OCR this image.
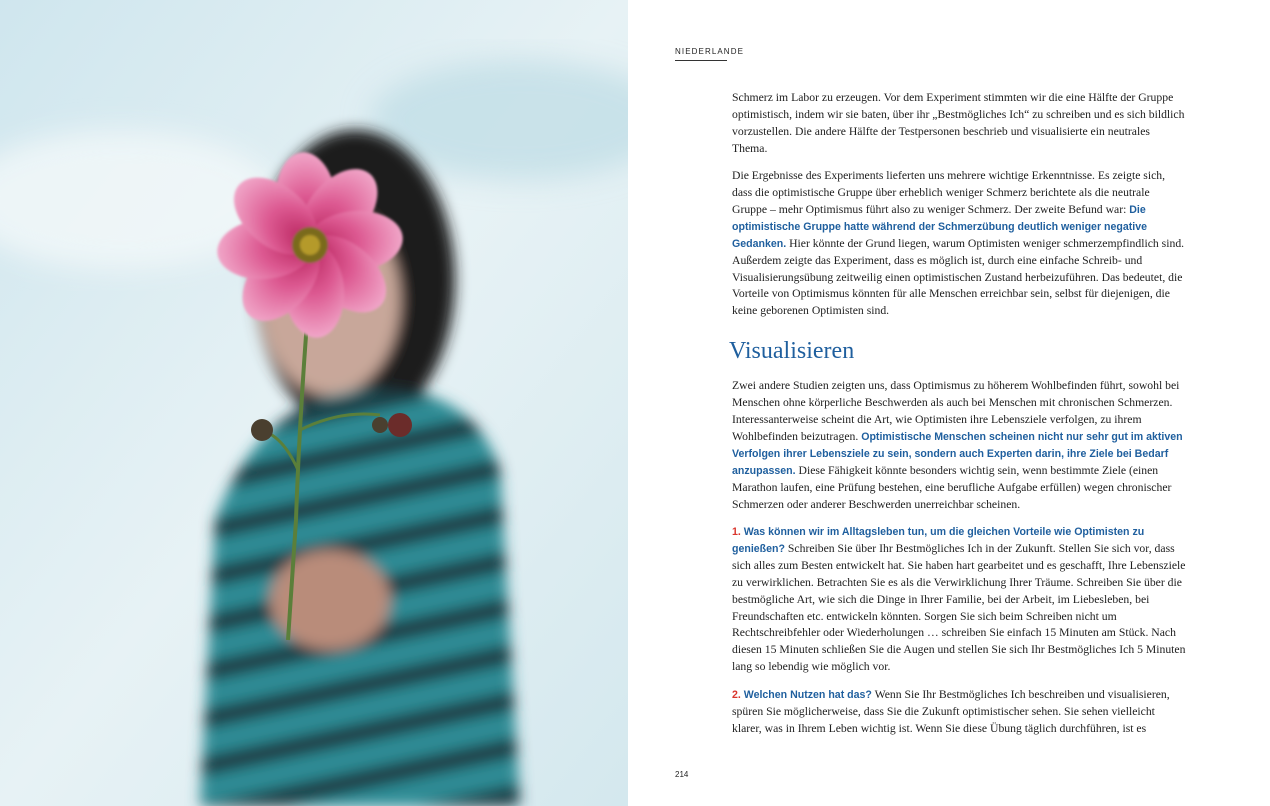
NIEDERLANDE

Schmerz im Labor zu erzeugen. Vor dem Experiment stimmten wir die eine Hälfte der Gruppe optimistisch, indem wir sie baten, über ihr „Bestmögliches Ich“ zu schreiben und es sich bildlich vorzustellen. Die andere Hälfte der Testpersonen beschrieb und visualisierte ein neutrales Thema.

Die Ergebnisse des Experiments lieferten uns mehrere wichtige Erkenntnisse. Es zeigte sich, dass die optimistische Gruppe über erheblich weniger Schmerz berichtete als die neutrale Gruppe – mehr Optimismus führt also zu weniger Schmerz. Der zweite Befund war: Die optimistische Gruppe hatte während der Schmerzübung deutlich weniger negative Gedanken. Hier könnte der Grund liegen, warum Optimisten weniger schmerzempfindlich sind. Außerdem zeigte das Experiment, dass es möglich ist, durch eine einfache Schreib- und Visualisierungsübung zeitweilig einen optimistischen Zustand herbeizuführen. Das bedeutet, die Vorteile von Optimismus könnten für alle Menschen erreichbar sein, selbst für diejenigen, die keine geborenen Optimisten sind.

Visualisieren

Zwei andere Studien zeigten uns, dass Optimismus zu höherem Wohlbefinden führt, sowohl bei Menschen ohne körperliche Beschwerden als auch bei Menschen mit chronischen Schmerzen. Interessanterweise scheint die Art, wie Optimisten ihre Lebensziele verfolgen, zu ihrem Wohlbefinden beizutragen. Optimistische Menschen scheinen nicht nur sehr gut im aktiven Verfolgen ihrer Lebensziele zu sein, sondern auch Experten darin, ihre Ziele bei Bedarf anzupassen. Diese Fähigkeit könnte besonders wichtig sein, wenn bestimmte Ziele (einen Marathon laufen, eine Prüfung bestehen, eine berufliche Aufgabe erfüllen) wegen chronischer Schmerzen oder anderer Beschwerden unerreichbar scheinen.

1. Was können wir im Alltagsleben tun, um die gleichen Vorteile wie Optimisten zu genießen? Schreiben Sie über Ihr Bestmögliches Ich in der Zukunft. Stellen Sie sich vor, dass sich alles zum Besten entwickelt hat. Sie haben hart gearbeitet und es geschafft, Ihre Lebensziele zu verwirklichen. Betrachten Sie es als die Verwirklichung Ihrer Träume. Schreiben Sie über die bestmögliche Art, wie sich die Dinge in Ihrer Familie, bei der Arbeit, im Liebesleben, bei Freundschaften etc. entwickeln könnten. Sorgen Sie sich beim Schreiben nicht um Rechtschreibfehler oder Wiederholungen … schreiben Sie einfach 15 Minuten am Stück. Nach diesen 15 Minuten schließen Sie die Augen und stellen Sie sich Ihr Bestmögliches Ich 5 Minuten lang so lebendig wie möglich vor.

2. Welchen Nutzen hat das? Wenn Sie Ihr Bestmögliches Ich beschreiben und visualisieren, spüren Sie möglicherweise, dass Sie die Zukunft optimistischer sehen. Sie sehen vielleicht klarer, was in Ihrem Leben wichtig ist. Wenn Sie diese Übung täglich durchführen, ist es

214
